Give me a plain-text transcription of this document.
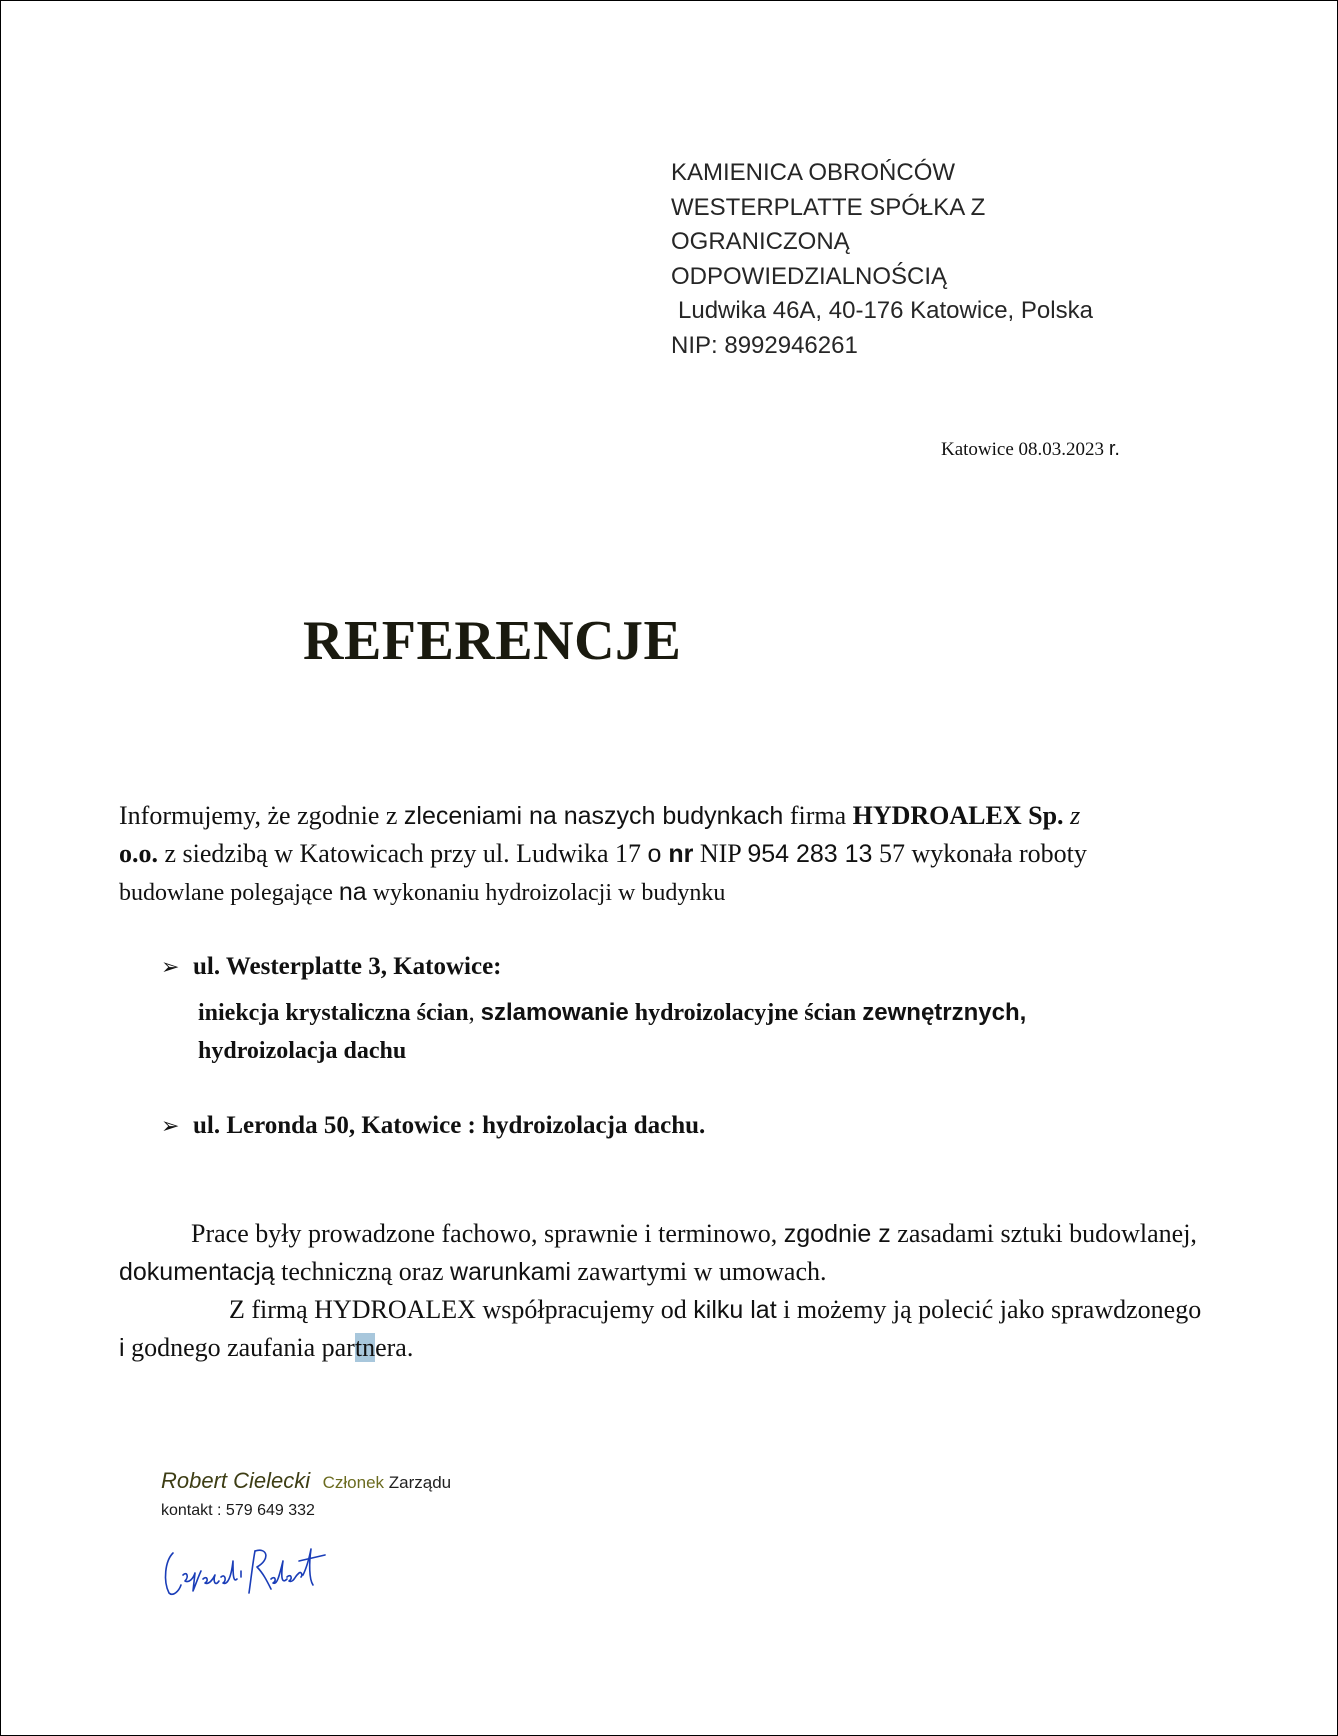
KAMIENICA OBROŃCÓW
WESTERPLATTE SPÓŁKA Z
OGRANICZONĄ
ODPOWIEDZIALNOŚCIĄ
Ludwika 46A, 40-176 Katowice, Polska
NIP: 8992946261
Katowice 08.03.2023 r.
REFERENCJE
Informujemy, że zgodnie z zleceniami na naszych budynkach firma HYDROALEX Sp. z
o.o. z siedzibą w Katowicach przy ul. Ludwika 17 o nr NIP 954 283 13 57 wykonała roboty
budowlane polegające na wykonaniu hydroizolacji w budynku
➢ ul. Westerplatte 3, Katowice:
iniekcja krystaliczna ścian, szlamowanie hydroizolacyjne ścian zewnętrznych,
hydroizolacja dachu
➢ ul. Leronda 50, Katowice : hydroizolacja dachu.
Prace były prowadzone fachowo, sprawnie i terminowo, zgodnie z zasadami sztuki budowlanej,
dokumentacją techniczną oraz warunkami zawartymi w umowach.
Z firmą HYDROALEX współpracujemy od kilku lat i możemy ją polecić jako sprawdzonego
i godnego zaufania partnera.
Robert Cielecki Członek Zarządu
kontakt : 579 649 332
